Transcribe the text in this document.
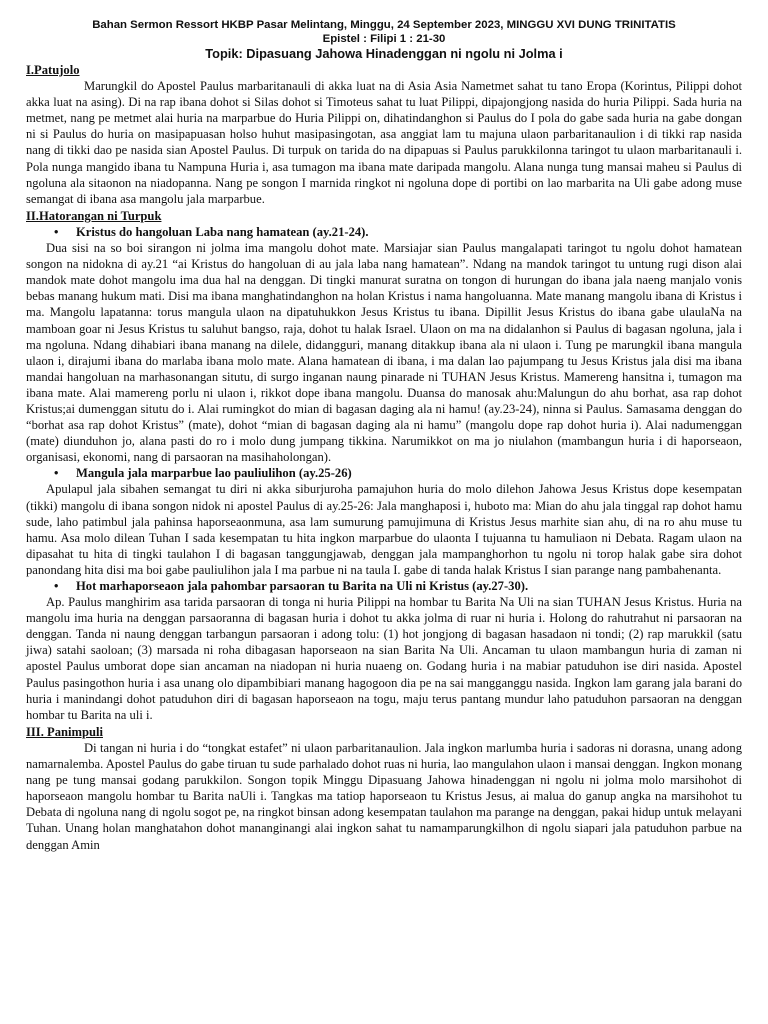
Bahan Sermon Ressort HKBP Pasar Melintang, Minggu, 24 September 2023, MINGGU XVI DUNG TRINITATIS
Epistel : Filipi 1 : 21-30
Topik: Dipasuang Jahowa Hinadenggan ni ngolu ni Jolma i
I.Patujolo

Marungkil do Apostel Paulus marbaritanauli di akka luat na di Asia Asia Nametmet sahat tu tano Eropa (Korintus, Pilippi dohot akka luat na asing). Di na rap ibana dohot si Silas dohot si Timoteus sahat tu luat Pilippi, dipajongjong nasida do huria Pilippi. Sada huria na metmet, nang pe metmet alai huria na marparbue do Huria Pilippi on, dihatindanghon si Paulus do I pola do gabe sada huria na gabe dongan ni si Paulus do huria on masipapuasan holso huhut masipasingotan, asa anggiat lam tu majuna ulaon parbaritanaulion i di tikki rap nasida nang di tikki dao pe nasida sian Apostel Paulus. Di turpuk on tarida do na dipapuas si Paulus parukkilonna taringot tu ulaon marbaritanauli i. Pola nunga mangido ibana tu Nampuna Huria i, asa tumagon ma ibana mate daripada mangolu. Alana nunga tung mansai maheu si Paulus di ngoluna ala sitaonon na niadopanna. Nang pe songon I marnida ringkot ni ngoluna dope di portibi on lao marbarita na Uli gabe adong muse semangat di ibana asa mangolu jala marparbue.

II.Hatorangan ni Turpuk
•	Kristus do hangoluan Laba nang hamatean (ay.21-24).

Dua sisi na so boi sirangon ni jolma ima mangolu dohot mate. Marsiajar sian Paulus mangalapati taringot tu ngolu dohot hamatean songon na nidokna di ay.21 “ai Kristus do hangoluan di au jala laba nang hamatean”. Ndang na mandok taringot tu untung rugi dison alai mandok mate dohot mangolu ima dua hal na denggan. Di tingki manurat suratna on tongon di hurungan do ibana jala naeng manjalo vonis bebas manang hukum mati. Disi ma ibana manghatindanghon na holan Kristus i nama hangoluanna. Mate manang mangolu ibana di Kristus i ma. Mangolu lapatanna: torus mangula ulaon na dipatuhukkon Jesus Kristus tu ibana. Dipillit Jesus Kristus do ibana gabe ulaulaNa na mamboan goar ni Jesus Kristus tu saluhut bangso, raja, dohot tu halak Israel. Ulaon on ma na didalanhon si Paulus di bagasan ngoluna, jala i ma ngoluna. Ndang dihabiari ibana manang na dilele, didangguri, manang ditakkup ibana ala ni ulaon i. Tung pe marungkil ibana mangula ulaon i, dirajumi ibana do marlaba ibana molo mate. Alana hamatean di ibana, i ma dalan lao pajumpang tu Jesus Kristus jala disi ma ibana mandai hangoluan na marhasonangan situtu, di surgo inganan naung pinarade ni TUHAN Jesus Kristus. Mamereng hansitna i, tumagon ma ibana mate. Alai mamereng porlu ni ulaon i, rikkot dope ibana mangolu. Duansa do manosak ahu:Malungun do ahu borhat, asa rap dohot Kristus;ai dumenggan situtu do i. Alai rumingkot do mian di bagasan daging ala ni hamu! (ay.23-24), ninna si Paulus. Samasama denggan do “borhat asa rap dohot Kristus” (mate), dohot “mian di bagasan daging ala ni hamu” (mangolu dope rap dohot huria i). Alai nadumenggan (mate) diunduhon jo, alana pasti do ro i molo dung jumpang tikkina. Narumikkot on ma jo niulahon (mambangun huria i di haporseaon, organisasi, ekonomi, nang di parsaoran na masihaholongan).

•	Mangula jala marparbue lao pauliulihon (ay.25-26)

Apulapul jala sibahen semangat tu diri ni akka siburjuroha pamajuhon huria do molo dilehon Jahowa Jesus Kristus dope kesempatan (tikki) mangolu di ibana songon nidok ni apostel Paulus di ay.25-26: Jala manghaposi i, huboto ma: Mian do ahu jala tinggal rap dohot hamu sude, laho patimbul jala pahinsa haporseaonmuna, asa lam sumurung pamujimuna di Kristus Jesus marhite sian ahu, di na ro ahu muse tu hamu. Asa molo dilean Tuhan I sada kesempatan tu hita ingkon marparbue do ulaonta I tujuanna tu hamuliaon ni Debata. Ragam ulaon na dipasahat tu hita di tingki taulahon I di bagasan tanggungjawab, denggan jala mampanghorhon tu ngolu ni torop halak gabe sira dohot panondang hita disi ma boi gabe pauliulihon jala I ma parbue ni na taula I. gabe di tanda halak Kristus I sian parange nang pambahenanta.

•	Hot marhaporseaon jala pahombar parsaoran tu Barita na Uli ni Kristus (ay.27-30).

Ap. Paulus manghirim asa tarida parsaoran di tonga ni huria Pilippi na hombar tu Barita Na Uli na sian TUHAN Jesus Kristus. Huria na mangolu ima huria na denggan parsaoranna di bagasan huria i dohot tu akka jolma di ruar ni huria i. Holong do rahutrahut ni parsaoran na denggan. Tanda ni naung denggan tarbangun parsaoran i adong tolu: (1) hot jongjong di bagasan hasadaon ni tondi; (2) rap marukkil (satu jiwa) satahi saoloan; (3) marsada ni roha dibagasan haporseaon na sian Barita Na Uli. Ancaman tu ulaon mambangun huria di zaman ni apostel Paulus umborat dope sian ancaman na niadopan ni huria nuaeng on. Godang huria i na mabiar patuduhon ise diri nasida. Apostel Paulus pasingothon huria i asa unang olo dipambibiari manang hagogoon dia pe na sai mangganggu nasida. Ingkon lam garang jala barani do huria i manindangi dohot patuduhon diri di bagasan haporseaon na togu, maju terus pantang mundur laho patuduhon parsaoran na denggan hombar tu Barita na uli i.

III. Panimpuli

Di tangan ni huria i do “tongkat estafet” ni ulaon parbaritanaulion. Jala ingkon marlumba huria i sadoras ni dorasna, unang adong namarnalemba. Apostel Paulus do gabe tiruan tu sude parhalado dohot ruas ni huria, lao mangulahon ulaon i mansai denggan. Ingkon monang nang pe tung mansai godang parukkilon. Songon topik Minggu Dipasuang Jahowa hinadenggan ni ngolu ni jolma molo marsihohot di haporseaon mangolu hombar tu Barita naUli i. Tangkas ma tatiop haporseaon tu Kristus Jesus, ai malua do ganup angka na marsihohot tu Debata di ngoluna nang di ngolu sogot pe, na ringkot binsan adong kesempatan taulahon ma parange na denggan, pakai hidup untuk melayani Tuhan. Unang holan manghatahon dohot mananginangi alai ingkon sahat tu namamparungkilhon di ngolu siapari jala patuduhon parbue na denggan Amin
